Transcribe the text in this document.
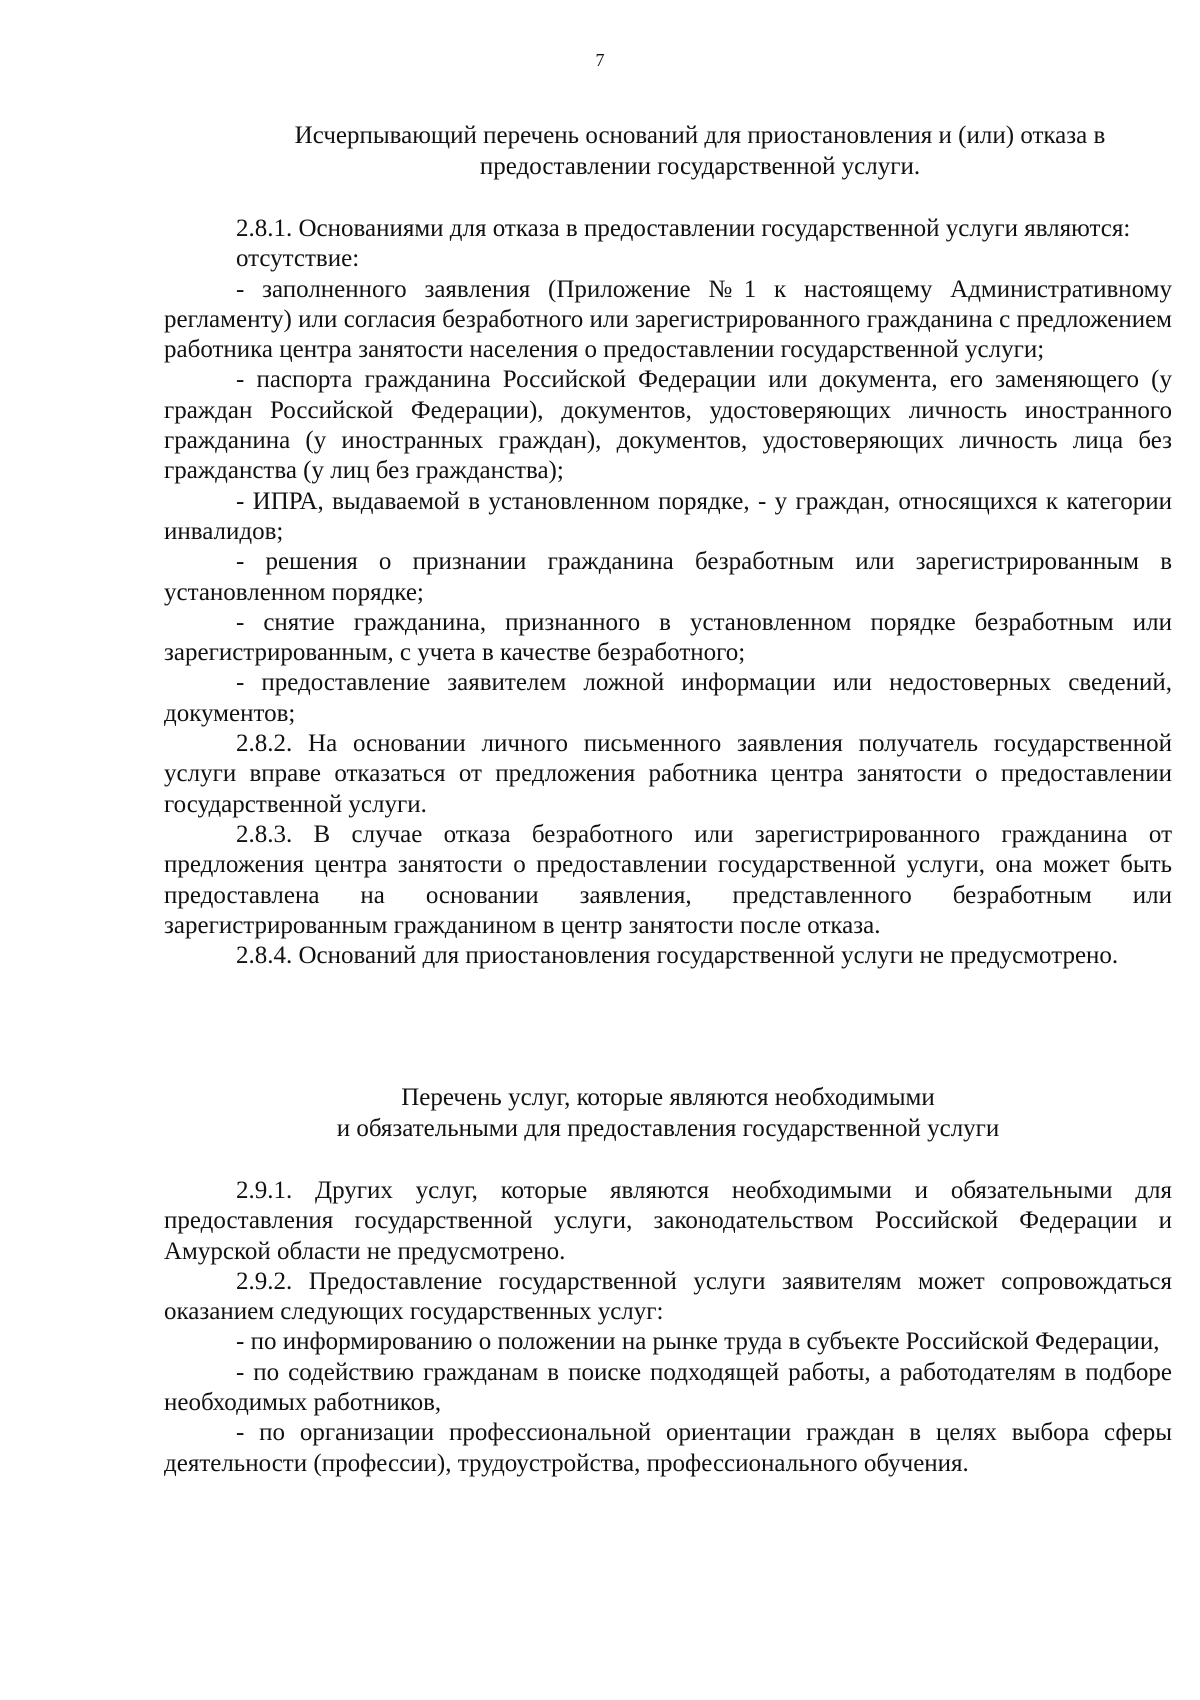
7
Исчерпывающий перечень оснований для приостановления и (или) отказа в
предоставлении государственной услуги.

2.8.1. Основаниями для отказа в предоставлении государственной услуги являются:

отсутствие:

- заполненного заявления (Приложение №1 к настоящему Административному регламенту) или согласия безработного или зарегистрированного гражданина с предложением работника центра занятости населения о предоставлении государственной услуги;

- паспорта гражданина Российской Федерации или документа, его заменяющего (у граждан Российской Федерации), документов, удостоверяющих личность иностранного гражданина (у иностранных граждан), документов, удостоверяющих личность лица без гражданства (у лиц без гражданства);

- ИПРА, выдаваемой в установленном порядке, - у граждан, относящихся к категории инвалидов;

- решения о признании гражданина безработным или зарегистрированным в установленном порядке;

- снятие гражданина, признанного в установленном порядке безработным или зарегистрированным, с учета в качестве безработного;

- предоставление заявителем ложной информации или недостоверных сведений, документов;

2.8.2. На основании личного письменного заявления получатель государственной услуги вправе отказаться от предложения работника центра занятости о предоставлении государственной услуги.

2.8.3. В случае отказа безработного или зарегистрированного гражданина от предложения центра занятости о предоставлении государственной услуги, она может быть предоставлена на основании заявления, представленного безработным или зарегистрированным гражданином в центр занятости после отказа.

2.8.4. Оснований для приостановления государственной услуги не предусмотрено.

Перечень услуг, которые являются необходимыми
и обязательными для предоставления государственной услуги

2.9.1. Других услуг, которые являются необходимыми и обязательными для предоставления государственной услуги, законодательством Российской Федерации и Амурской области не предусмотрено.

2.9.2. Предоставление государственной услуги заявителям может сопровождаться оказанием следующих государственных услуг:

- по информированию о положении на рынке труда в субъекте Российской Федерации,

- по содействию гражданам в поиске подходящей работы, а работодателям в подборе необходимых работников,

- по организации профессиональной ориентации граждан в целях выбора сферы деятельности (профессии), трудоустройства, профессионального обучения.
